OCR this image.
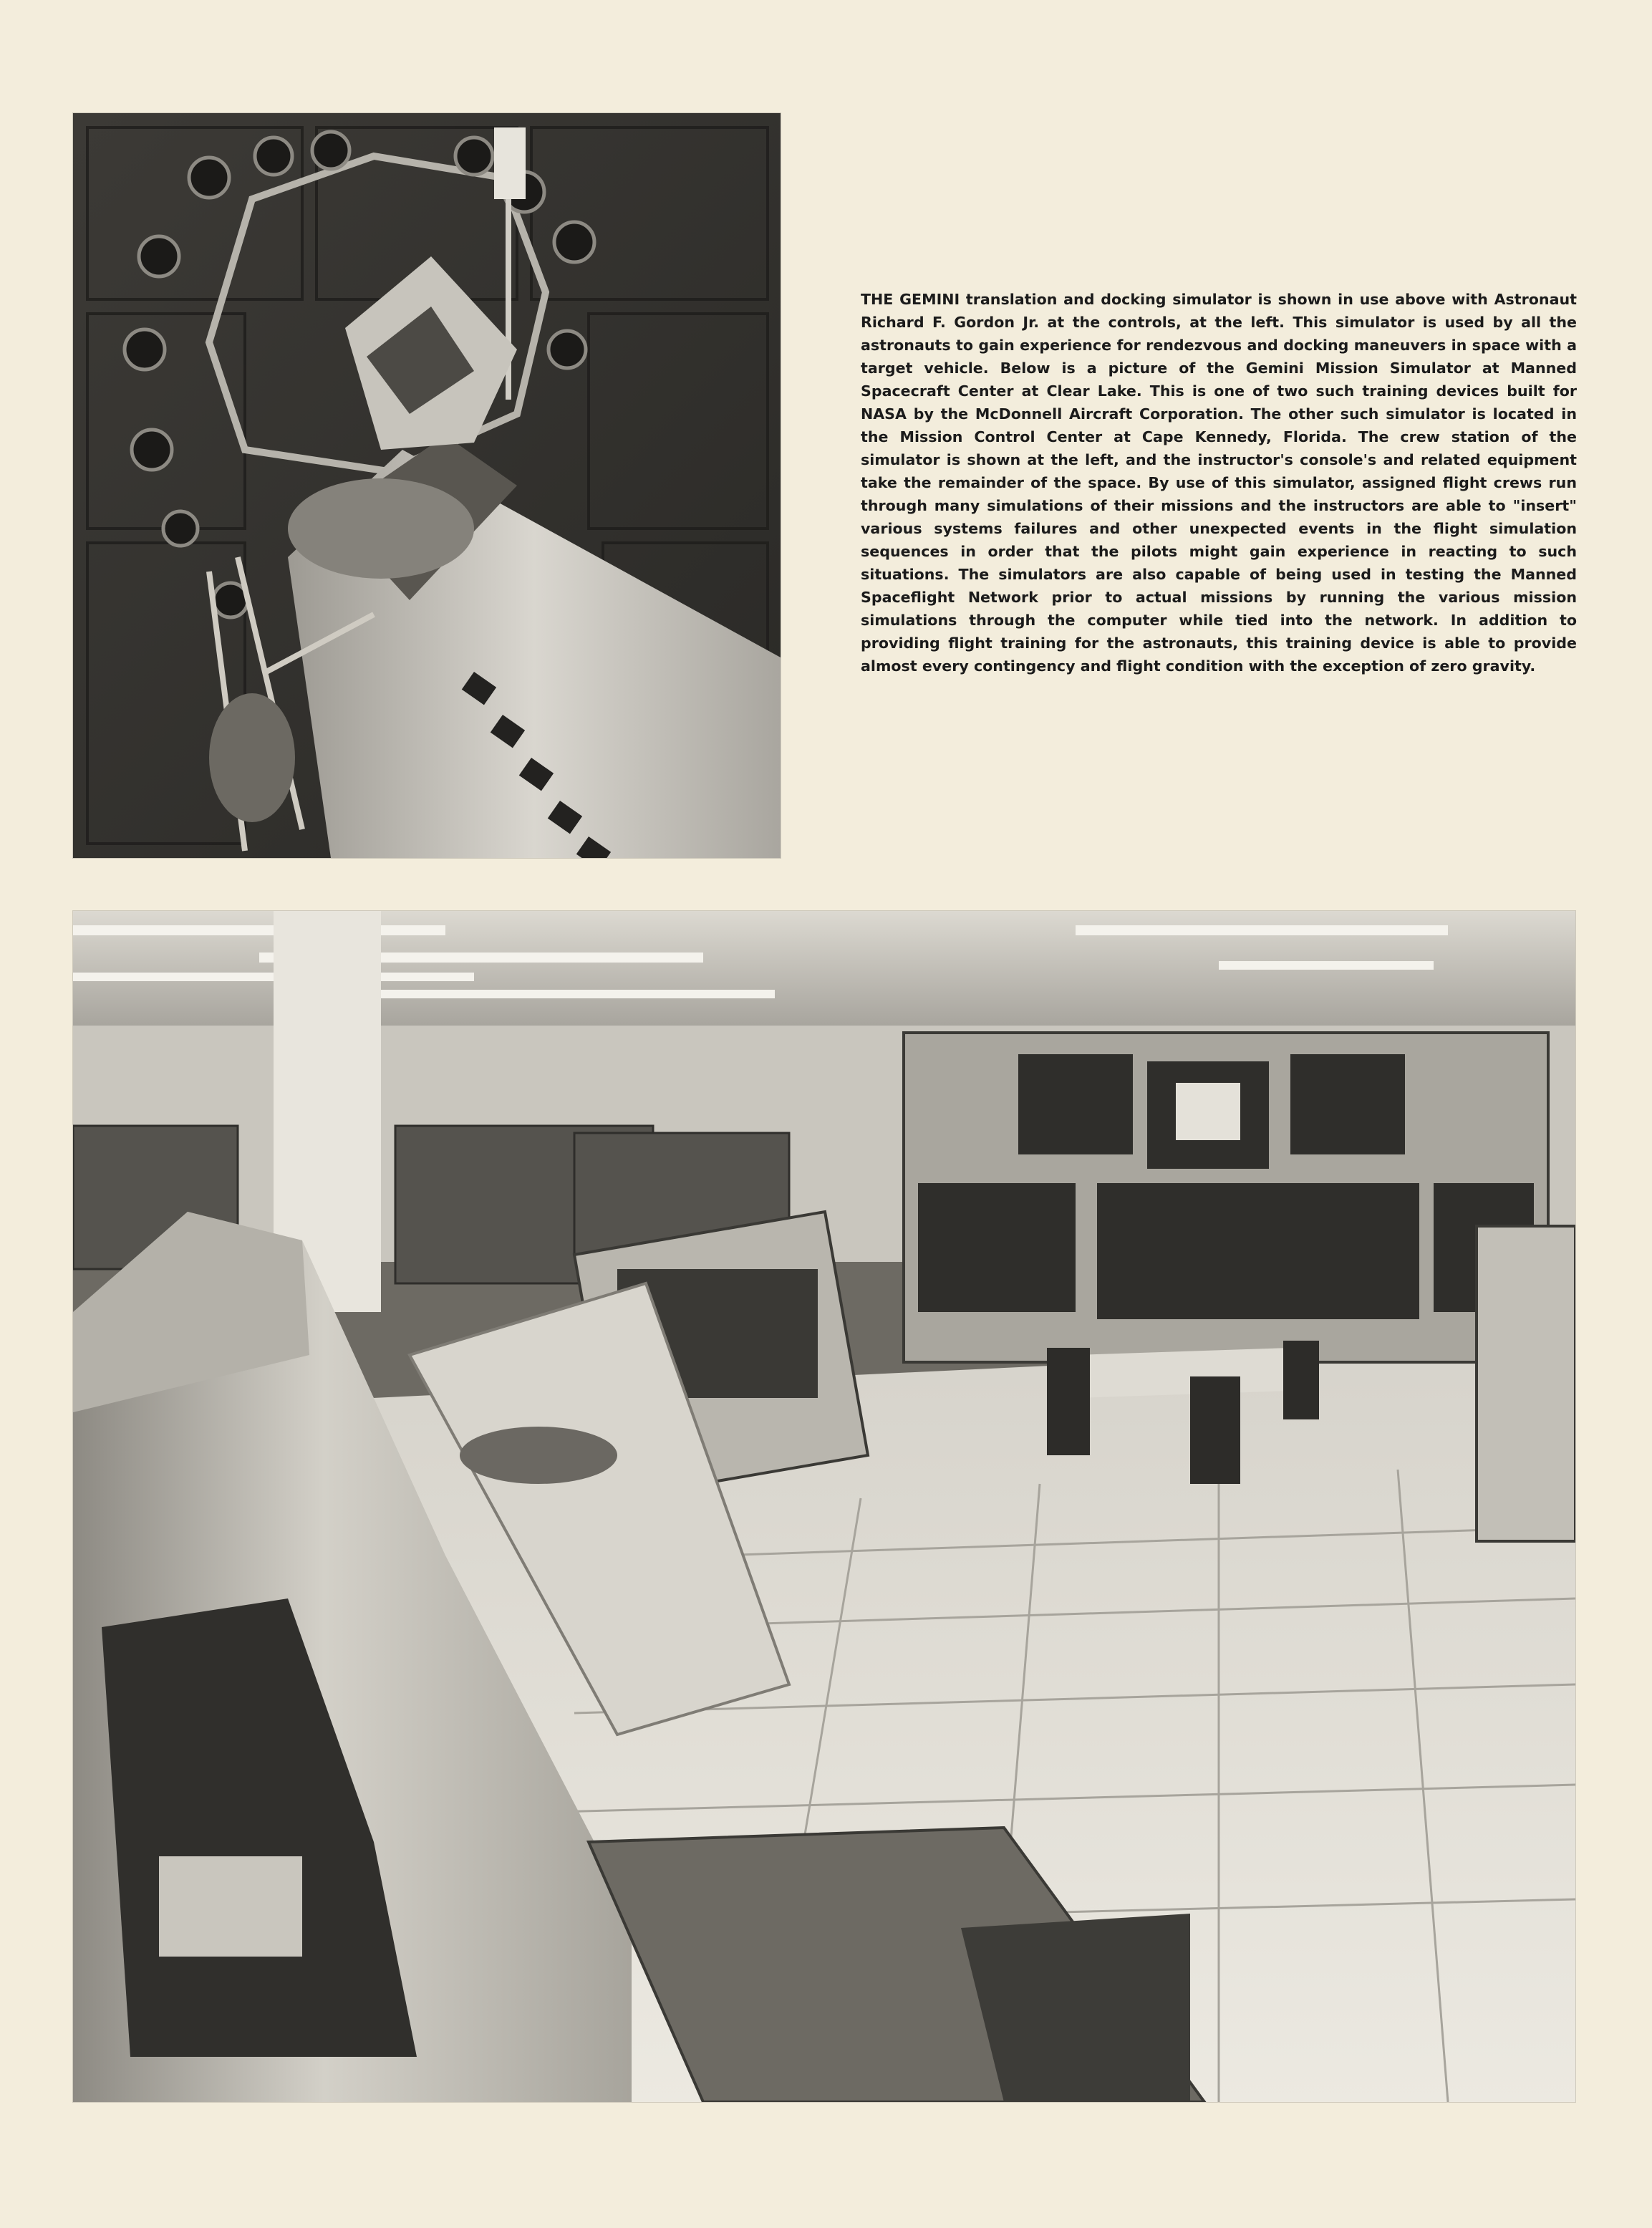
THE GEMINI translation and docking simulator is shown in use above with Astronaut Richard F. Gordon Jr. at the controls, at the left. This simulator is used by all the astronauts to gain experience for rendezvous and docking maneuvers in space with a target vehicle. Below is a picture of the Gemini Mission Simulator at Manned Spacecraft Center at Clear Lake. This is one of two such training devices built for NASA by the McDonnell Aircraft Corporation. The other such simulator is located in the Mission Control Center at Cape Kennedy, Florida. The crew station of the simulator is shown at the left, and the instructor's console's and related equipment take the remainder of the space. By use of this simulator, assigned flight crews run through many simulations of their missions and the instructors are able to "insert" various systems failures and other unexpected events in the flight simulation sequences in order that the pilots might gain experience in reacting to such situations. The simulators are also capable of being used in testing the Manned Spaceflight Network prior to actual missions by running the various mission simulations through the computer while tied into the network. In addition to providing flight training for the astronauts, this training device is able to provide almost every contingency and flight condition with the exception of zero gravity.
